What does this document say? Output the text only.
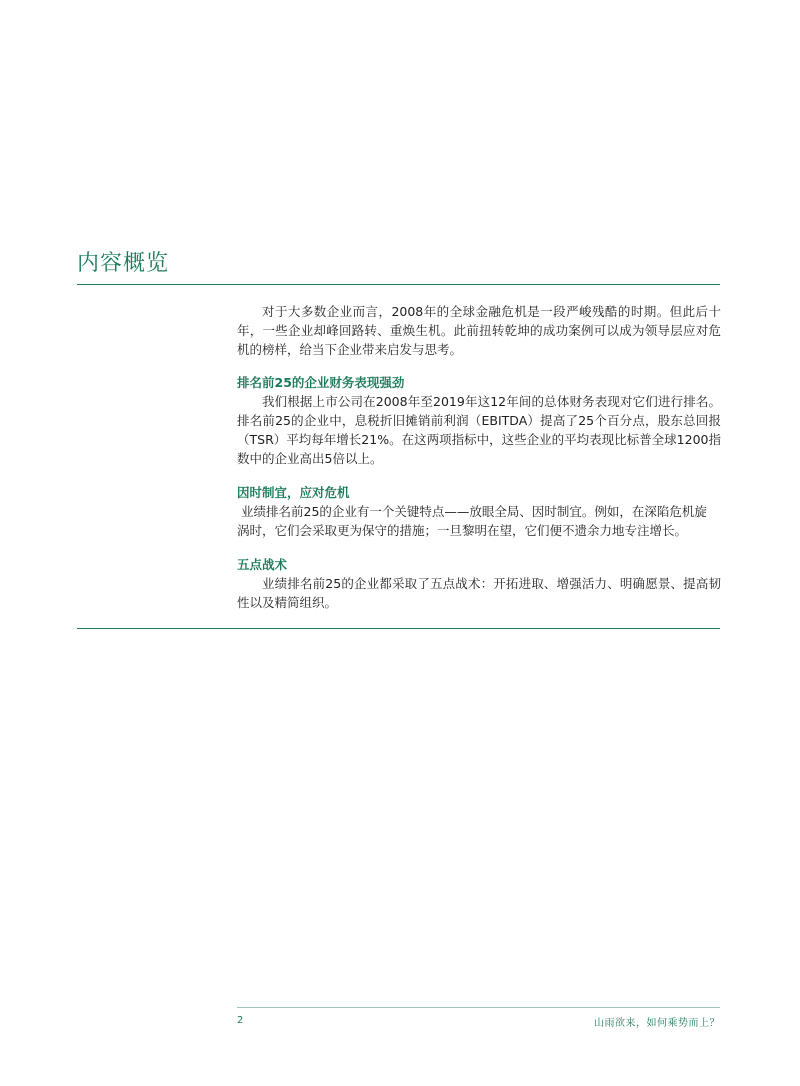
内容概览

对于大多数企业而言，2008年的全球金融危机是一段严峻残酷的时期。但此后十年，一些企业却峰回路转、重焕生机。此前扭转乾坤的成功案例可以成为领导层应对危机的榜样，给当下企业带来启发与思考。

排名前25的企业财务表现强劲

我们根据上市公司在2008年至2019年这12年间的总体财务表现对它们进行排名。排名前25的企业中，息税折旧摊销前利润（EBITDA）提高了25个百分点，股东总回报（TSR）平均每年增长21%。在这两项指标中，这些企业的平均表现比标普全球1200指数中的企业高出5倍以上。

因时制宜，应对危机

业绩排名前25的企业有一个关键特点——放眼全局、因时制宜。例如，在深陷危机旋

涡时，它们会采取更为保守的措施；一旦黎明在望，它们便不遗余力地专注增长。

五点战术

业绩排名前25的企业都采取了五点战术：开拓进取、增强活力、明确愿景、提高韧性以及精简组织。

2	山雨欲来，如何乘势而上？
